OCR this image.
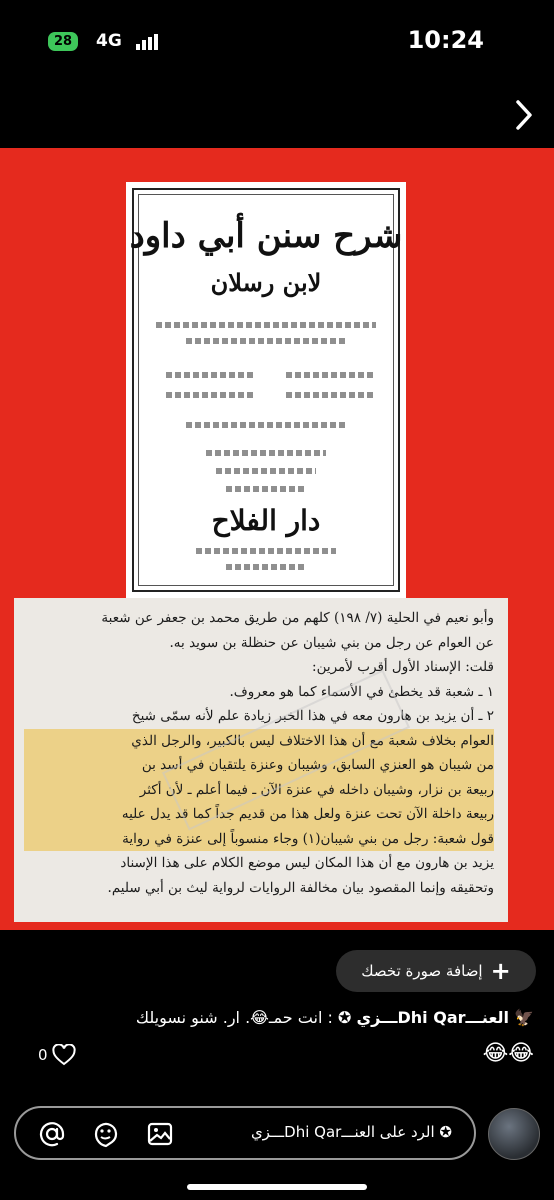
28	4G	10:24
شرح سنن أبي داود
لابن رسلان
دار الفلاح

وأبو نعيم في الحلية (٧/ ١٩٨) كلهم من طريق محمد بن جعفر عن شعبة

عن العوام عن رجل من بني شيبان عن حنظلة بن سويد به.

قلت: الإسناد الأول أقرب لأمرين:

١ ـ شعبة قد يخطئ في الأسماء كما هو معروف.

٢ ـ أن يزيد بن هارون معه في هذا الخبر زيادة علم لأنه سمّى شيخ

العوام بخلاف شعبة مع أن هذا الاختلاف ليس بالكبير، والرجل الذي

من شيبان هو العنزي السابق، وشيبان وعنزة يلتقيان في أسد بن

ربيعة بن نزار، وشيبان داخله في عنزة الآن ـ فيما أعلم ـ لأن أكثر

ربيعة داخلة الآن تحت عنزة ولعل هذا من قديم جداً كما قد يدل عليه

قول شعبة: رجل من بني شيبان(١) وجاء منسوباً إلى عنزة في رواية

يزيد بن هارون مع أن هذا المكان ليس موضع الكلام على هذا الإسناد

وتحقيقه وإنما المقصود بيان مخالفة الروايات لرواية ليث بن أبي سليم.

+
إضافة صورة تخصك
🦅 العنـــDhi Qarـــزي ✪ : انت حمـ😂. ار. شنو نسويلك
😂😂
0
✪ الرد على العنـــDhi Qarـــزي
